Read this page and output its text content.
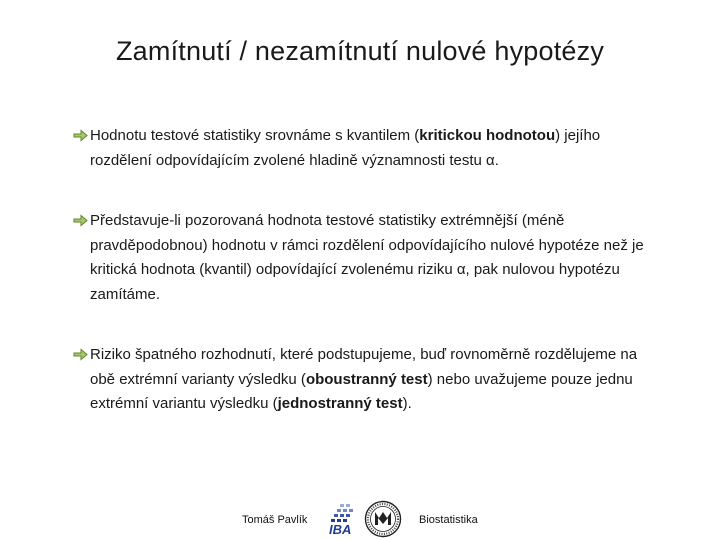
Zamítnutí / nezamítnutí nulové hypotézy
Hodnotu testové statistiky srovnáme s kvantilem (kritickou hodnotou) jejího rozdělení odpovídajícím zvolené hladině významnosti testu α.
Představuje-li pozorovaná hodnota testové statistiky extrémnější (méně pravděpodobnou) hodnotu v rámci rozdělení odpovídajícího nulové hypotéze než je kritická hodnota (kvantil) odpovídající zvolenému riziku α, pak nulovou hypotézu zamítáme.
Riziko špatného rozhodnutí, které podstupujeme, buď rovnoměrně rozdělujeme na obě extrémní varianty výsledku (oboustranný test) nebo uvažujeme pouze jednu extrémní variantu výsledku (jednostranný test).
Tomáš Pavlík
IBA
Biostatistika
